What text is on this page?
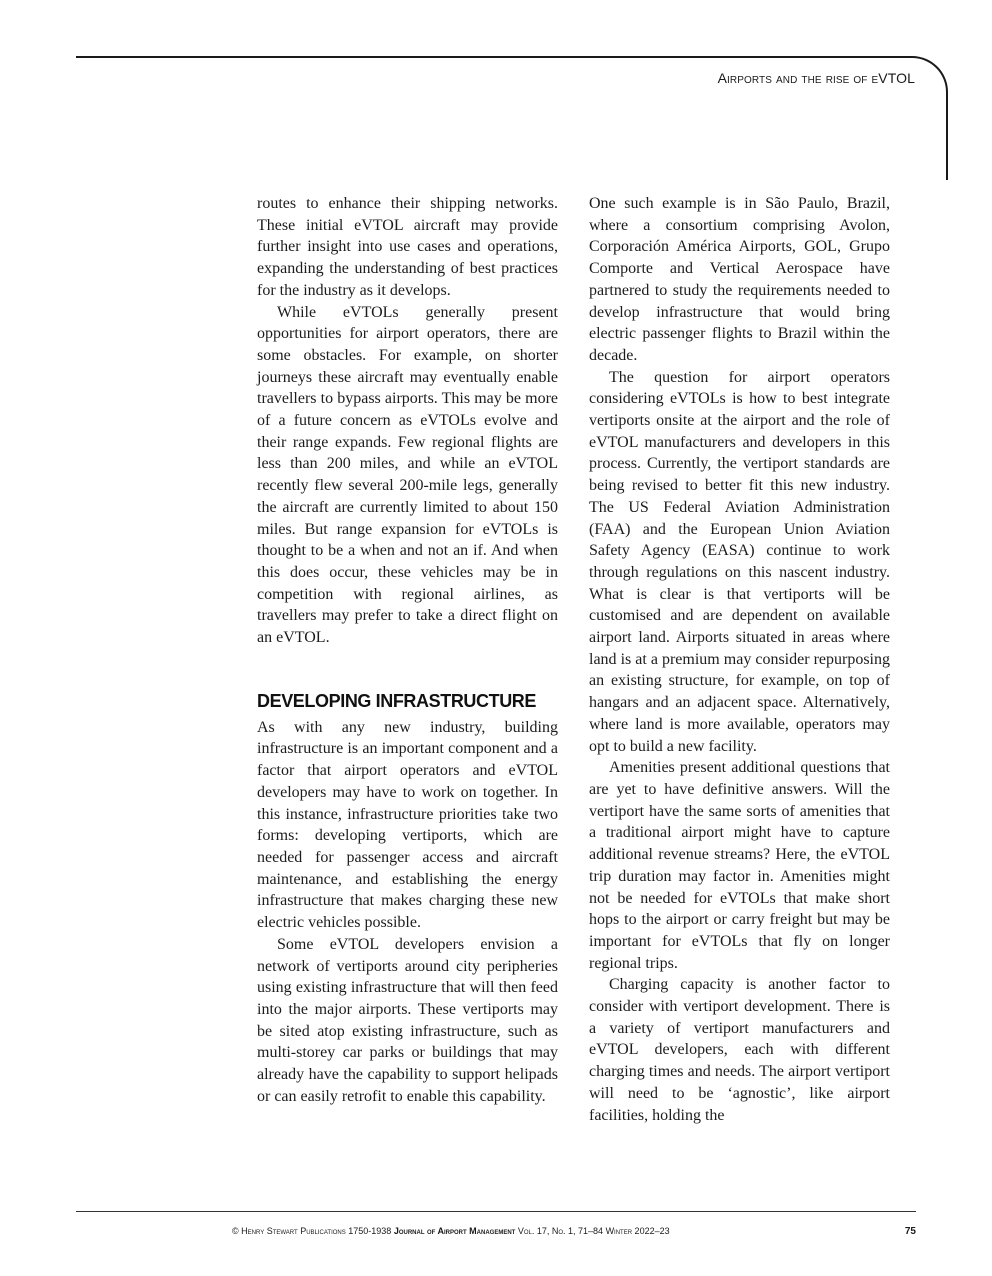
Airports and the rise of eVTOL

routes to enhance their shipping networks. These initial eVTOL aircraft may provide further insight into use cases and operations, expanding the understanding of best practices for the industry as it develops.

While eVTOLs generally present opportunities for airport operators, there are some obstacles. For example, on shorter journeys these aircraft may eventually enable travellers to bypass airports. This may be more of a future concern as eVTOLs evolve and their range expands. Few regional flights are less than 200 miles, and while an eVTOL recently flew several 200-mile legs, generally the aircraft are currently limited to about 150 miles. But range expansion for eVTOLs is thought to be a when and not an if. And when this does occur, these vehicles may be in competition with regional airlines, as travellers may prefer to take a direct flight on an eVTOL.

DEVELOPING INFRASTRUCTURE

As with any new industry, building infrastructure is an important component and a factor that airport operators and eVTOL developers may have to work on together. In this instance, infrastructure priorities take two forms: developing vertiports, which are needed for passenger access and aircraft maintenance, and establishing the energy infrastructure that makes charging these new electric vehicles possible.

Some eVTOL developers envision a network of vertiports around city peripheries using existing infrastructure that will then feed into the major airports. These vertiports may be sited atop existing infrastructure, such as multi-storey car parks or buildings that may already have the capability to support helipads or can easily retrofit to enable this capability.

One such example is in São Paulo, Brazil, where a consortium comprising Avolon, Corporación América Airports, GOL, Grupo Comporte and Vertical Aerospace have partnered to study the requirements needed to develop infrastructure that would bring electric passenger flights to Brazil within the decade.

The question for airport operators considering eVTOLs is how to best integrate vertiports onsite at the airport and the role of eVTOL manufacturers and developers in this process. Currently, the vertiport standards are being revised to better fit this new industry. The US Federal Aviation Administration (FAA) and the European Union Aviation Safety Agency (EASA) continue to work through regulations on this nascent industry. What is clear is that vertiports will be customised and are dependent on available airport land. Airports situated in areas where land is at a premium may consider repurposing an existing structure, for example, on top of hangars and an adjacent space. Alternatively, where land is more available, operators may opt to build a new facility.

Amenities present additional questions that are yet to have definitive answers. Will the vertiport have the same sorts of amenities that a traditional airport might have to capture additional revenue streams? Here, the eVTOL trip duration may factor in. Amenities might not be needed for eVTOLs that make short hops to the airport or carry freight but may be important for eVTOLs that fly on longer regional trips.

Charging capacity is another factor to consider with vertiport development. There is a variety of vertiport manufacturers and eVTOL developers, each with different charging times and needs. The airport vertiport will need to be ‘agnostic’, like airport facilities, holding the

© Henry Stewart Publications 1750-1938 Journal of Airport Management Vol. 17, No. 1, 71–84 Winter 2022–23	75
